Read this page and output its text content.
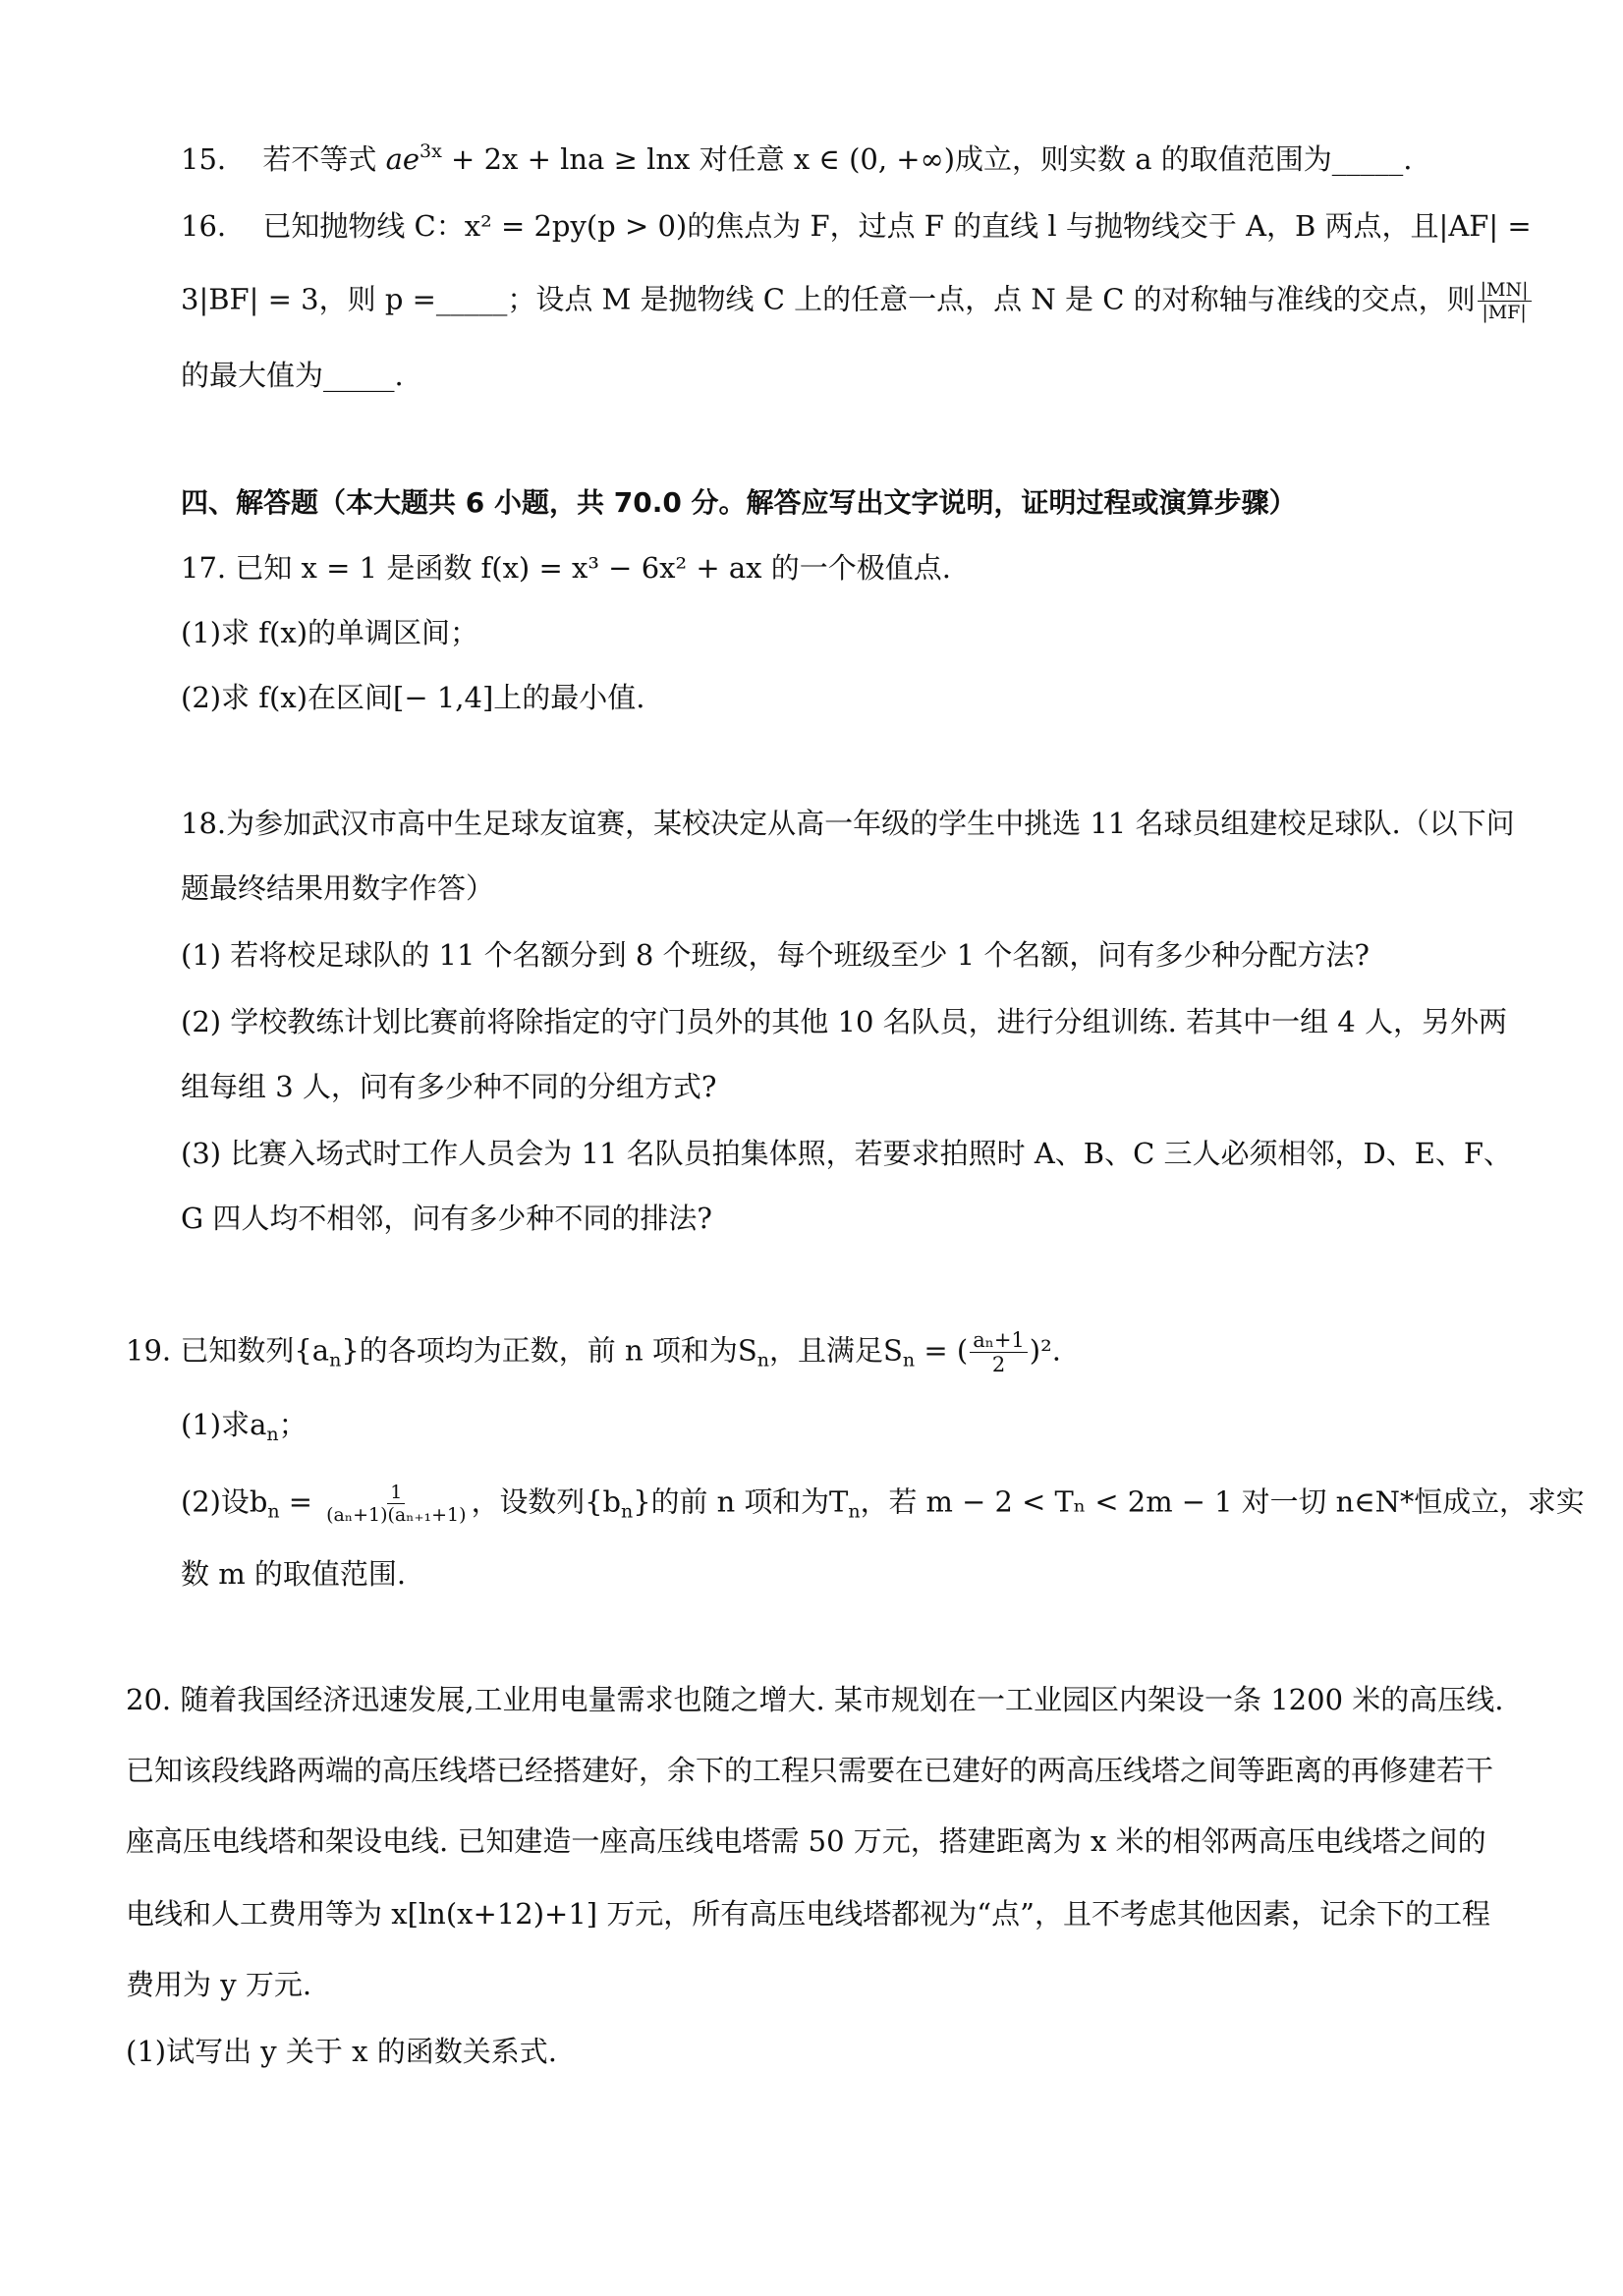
15. 若不等式 $ae^{3x} + 2x + \ln a \ge \ln x$ 对任意 x ∈ (0, +∞)成立，则实数 a 的取值范围为_____.
16. 已知抛物线 C：x² = 2py(p > 0)的焦点为 F，过点 F 的直线 l 与抛物线交于 A，B 两点，且|AF| =
3|BF| = 3，则 p =_____；设点 M 是抛物线 C 上的任意一点，点 N 是 C 的对称轴与准线的交点，则 $\frac{|MN|}{|MF|}$
的最大值为_____.
四、解答题（本大题共 6 小题，共 70.0 分。解答应写出文字说明，证明过程或演算步骤）
17. 已知 x = 1 是函数 f(x) = x³ − 6x² + ax 的一个极值点.
(1)求 f(x)的单调区间；
(2)求 f(x)在区间[− 1,4]上的最小值.
18.为参加武汉市高中生足球友谊赛，某校决定从高一年级的学生中挑选 11 名球员组建校足球队.（以下问
题最终结果用数字作答）
(1) 若将校足球队的 11 个名额分到 8 个班级，每个班级至少 1 个名额，问有多少种分配方法?
(2) 学校教练计划比赛前将除指定的守门员外的其他 10 名队员，进行分组训练. 若其中一组 4 人，另外两
组每组 3 人，问有多少种不同的分组方式?
(3) 比赛入场式时工作人员会为 11 名队员拍集体照，若要求拍照时 A、B、C 三人必须相邻，D、E、F、
G 四人均不相邻，问有多少种不同的排法?
19. 已知数列$\{a_n\}$的各项均为正数，前 n 项和为$S_n$，且满足$S_n$ = ( $\frac{\text{aₙ+1}}{2} )^2$.
(1)求$a_n$；
(2)设$b_n = \frac{1}{\text{(aₙ+1)(aₙ₊₁+1)}}$ ，设数列$\{b_n\}$的前 n 项和为$T_n$，若 m − 2 < Tₙ < 2m − 1 对一切 n∈N*恒成立，求实
数 m 的取值范围.
20. 随着我国经济迅速发展,工业用电量需求也随之增大. 某市规划在一工业园区内架设一条 1200 米的高压线.
已知该段线路两端的高压线塔已经搭建好，余下的工程只需要在已建好的两高压线塔之间等距离的再修建若干
座高压电线塔和架设电线. 已知建造一座高压线电塔需 50 万元，搭建距离为 x 米的相邻两高压电线塔之间的
电线和人工费用等为 x[ln(x+12)+1] 万元，所有高压电线塔都视为“点”，且不考虑其他因素，记余下的工程
费用为 y 万元.
(1)试写出 y 关于 x 的函数关系式.
